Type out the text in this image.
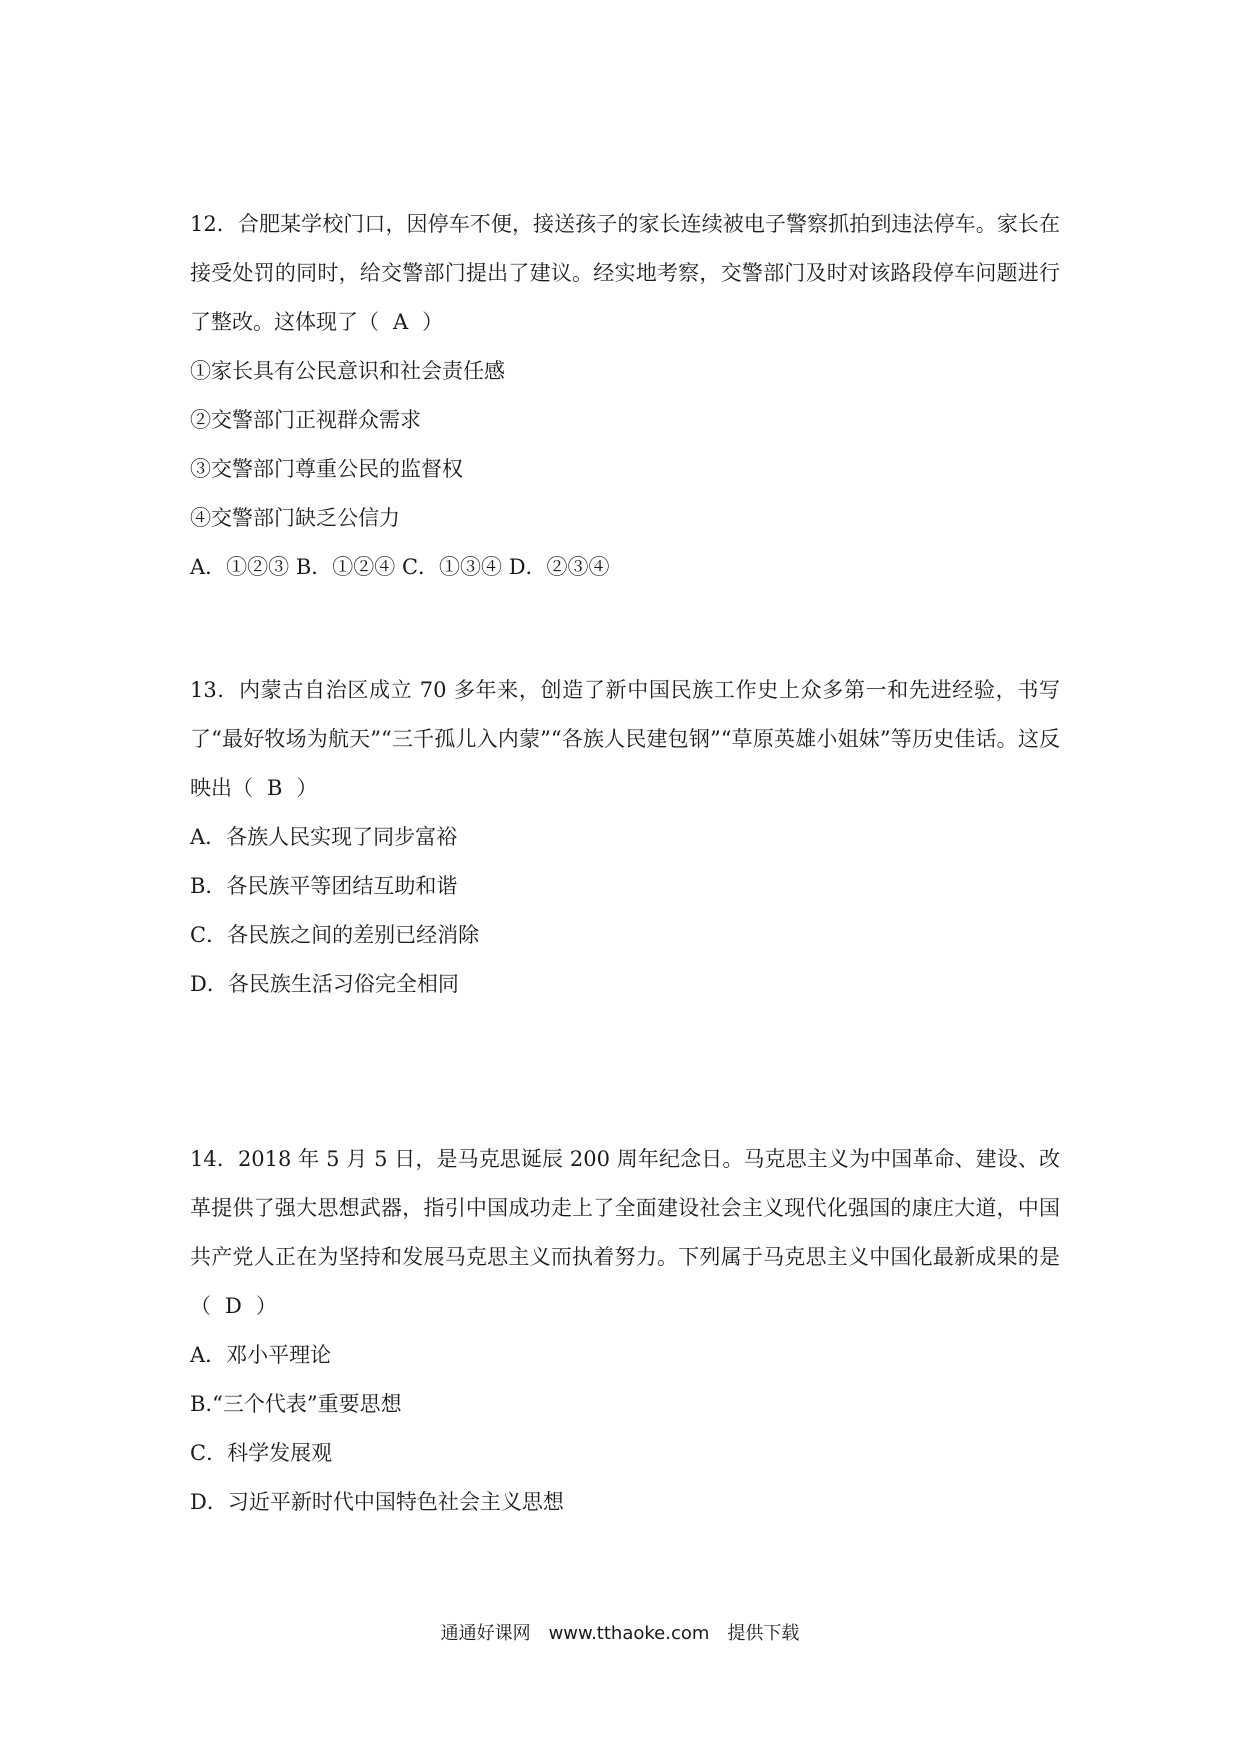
12．合肥某学校门口，因停车不便，接送孩子的家长连续被电子警察抓拍到违法停车。家长在接受处罚的同时，给交警部门提出了建议。经实地考察，交警部门及时对该路段停车问题进行了整改。这体现了（ A ）

①家长具有公民意识和社会责任感

②交警部门正视群众需求

③交警部门尊重公民的监督权

④交警部门缺乏公信力

A．①②③ B．①②④ C．①③④ D．②③④

13．内蒙古自治区成立 70 多年来，创造了新中国民族工作史上众多第一和先进经验，书写了“最好牧场为航天”“三千孤儿入内蒙”“各族人民建包钢”“草原英雄小姐妹”等历史佳话。这反映出（ B ）

A．各族人民实现了同步富裕

B．各民族平等团结互助和谐

C．各民族之间的差别已经消除

D．各民族生活习俗完全相同

14．2018 年 5 月 5 日，是马克思诞辰 200 周年纪念日。马克思主义为中国革命、建设、改革提供了强大思想武器，指引中国成功走上了全面建设社会主义现代化强国的康庄大道，中国共产党人正在为坚持和发展马克思主义而执着努力。下列属于马克思主义中国化最新成果的是（ D ）

A．邓小平理论

B.“三个代表”重要思想

C．科学发展观

D．习近平新时代中国特色社会主义思想

通通好课网　www.tthaoke.com　提供下载
